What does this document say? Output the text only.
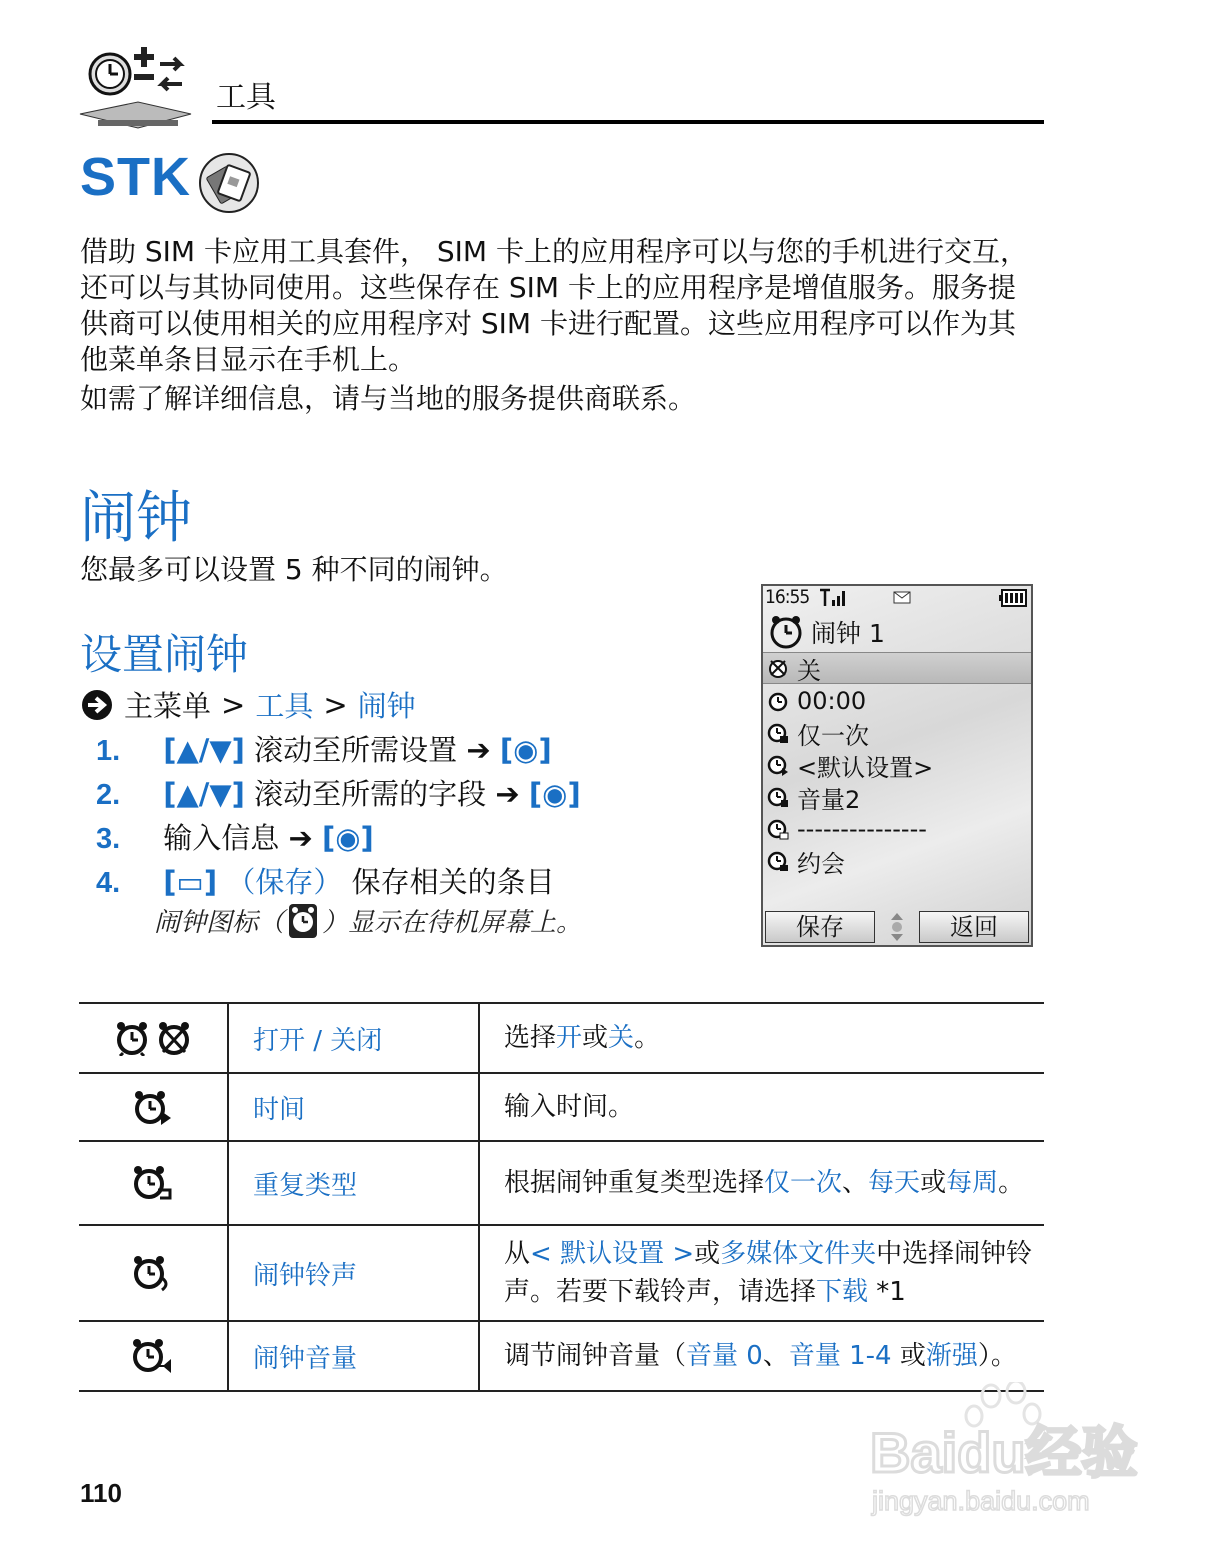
工具
STK
借助 SIM 卡应用工具套件， SIM 卡上的应用程序可以与您的手机进行交互，还可以与其协同使用。这些保存在 SIM 卡上的应用程序是增值服务。服务提供商可以使用相关的应用程序对 SIM 卡进行配置。这些应用程序可以作为其他菜单条目显示在手机上。
如需了解详细信息，请与当地的服务提供商联系。
闹钟
您最多可以设置 5 种不同的闹钟。
设置闹钟
主菜单 > 工具 > 闹钟
1. [▲/▼] 滚动至所需设置 ➔ [◉]
2. [▲/▼] 滚动至所需的字段 ➔ [◉]
3. 输入信息 ➔ [◉]
4. [▭] （保存） 保存相关的条目
闹钟图标（ ）显示在待机屏幕上。
16:55
闹钟 1
关
00:00
仅一次
<默认设置>
音量2
---------------
约会
保存	返回
	打开 / 关闭	选择开或关。
	时间	输入时间。
	重复类型	根据闹钟重复类型选择仅一次、每天或每周。
	闹钟铃声	从< 默认设置 >或多媒体文件夹中选择闹钟铃声。若要下载铃声，请选择下载 *1
	闹钟音量	调节闹钟音量（音量 0、音量 1-4 或渐强）。
110
Baidu经验
jingyan.baidu.com
